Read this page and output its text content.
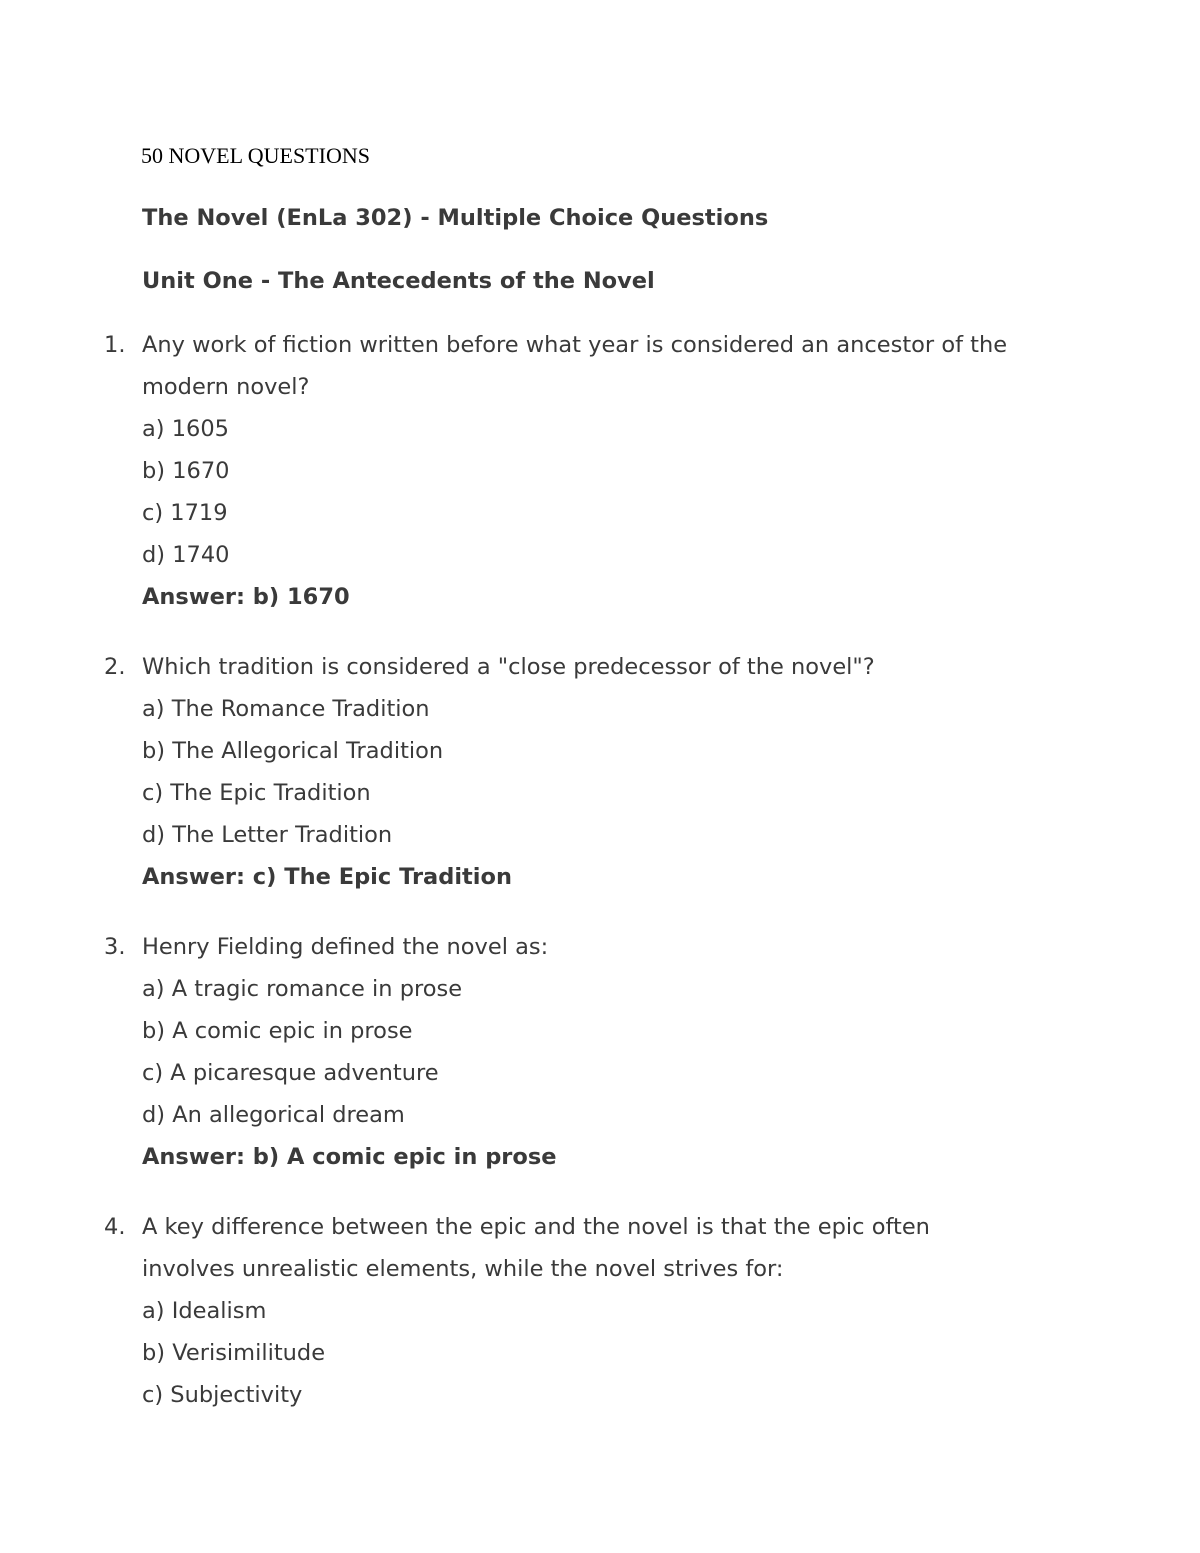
50 NOVEL QUESTIONS
The Novel (EnLa 302) - Multiple Choice Questions
Unit One - The Antecedents of the Novel
1. Any work of fiction written before what year is considered an ancestor of the
modern novel?
a) 1605
b) 1670
c) 1719
d) 1740
Answer: b) 1670
2. Which tradition is considered a "close predecessor of the novel"?
a) The Romance Tradition
b) The Allegorical Tradition
c) The Epic Tradition
d) The Letter Tradition
Answer: c) The Epic Tradition
3. Henry Fielding defined the novel as:
a) A tragic romance in prose
b) A comic epic in prose
c) A picaresque adventure
d) An allegorical dream
Answer: b) A comic epic in prose
4. A key difference between the epic and the novel is that the epic often
involves unrealistic elements, while the novel strives for:
a) Idealism
b) Verisimilitude
c) Subjectivity
